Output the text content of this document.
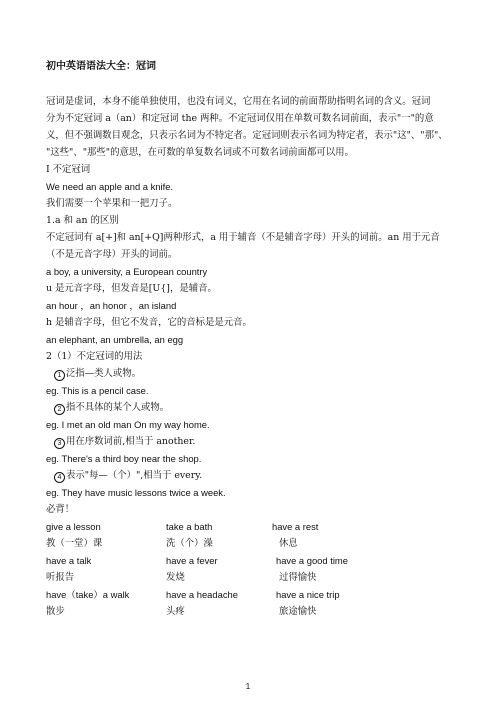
初中英语语法大全：冠词
冠词是虚词，本身不能单独使用，也没有词义，它用在名词的前面帮助指明名词的含义。冠词
分为不定冠词 a（an）和定冠词 the 两种。不定冠词仅用在单数可数名词前面，表示"一"的意
义，但不强调数目观念，只表示名词为不特定者。定冠词则表示名词为特定者，表示"这"、"那"、
"这些"、"那些"的意思，在可数的单复数名词或不可数名词前面都可以用。
Ⅰ 不定冠词
We need an apple and a knife.
我们需要一个苹果和一把刀子。
1.a 和 an 的区别
不定冠词有 a[+]和 an[+Q]两种形式，a 用于辅音（不是辅音字母）开头的词前。an 用于元音
（不是元音字母）开头的词前。
a boy, a university, a European country
u 是元音字母，但发音是[U{]，是辅音。
an hour ，an honor ，an island
h 是辅音字母，但它不发音，它的音标是是元音。
an elephant, an umbrella, an egg
2（1）不定冠词的用法
1 泛指—类人或物。
eg. This is a pencil case.
2 指不具体的某个人或物。
eg. I met an old man On my way home.
3 用在序数词前,相当于 another.
eg. There's a third boy near the shop.
4 表示"每—（个）",相当于 every.
eg. They have music lessons twice a week.
必背！
give a lesson	take a bath	have a rest
教（一堂）课	洗（个）澡	休息
have a talk	have a fever	have a good time
听报告	发烧	过得愉快
have（take）a walk	have a headache	have a nice trip
散步	头疼	旅途愉快
1
